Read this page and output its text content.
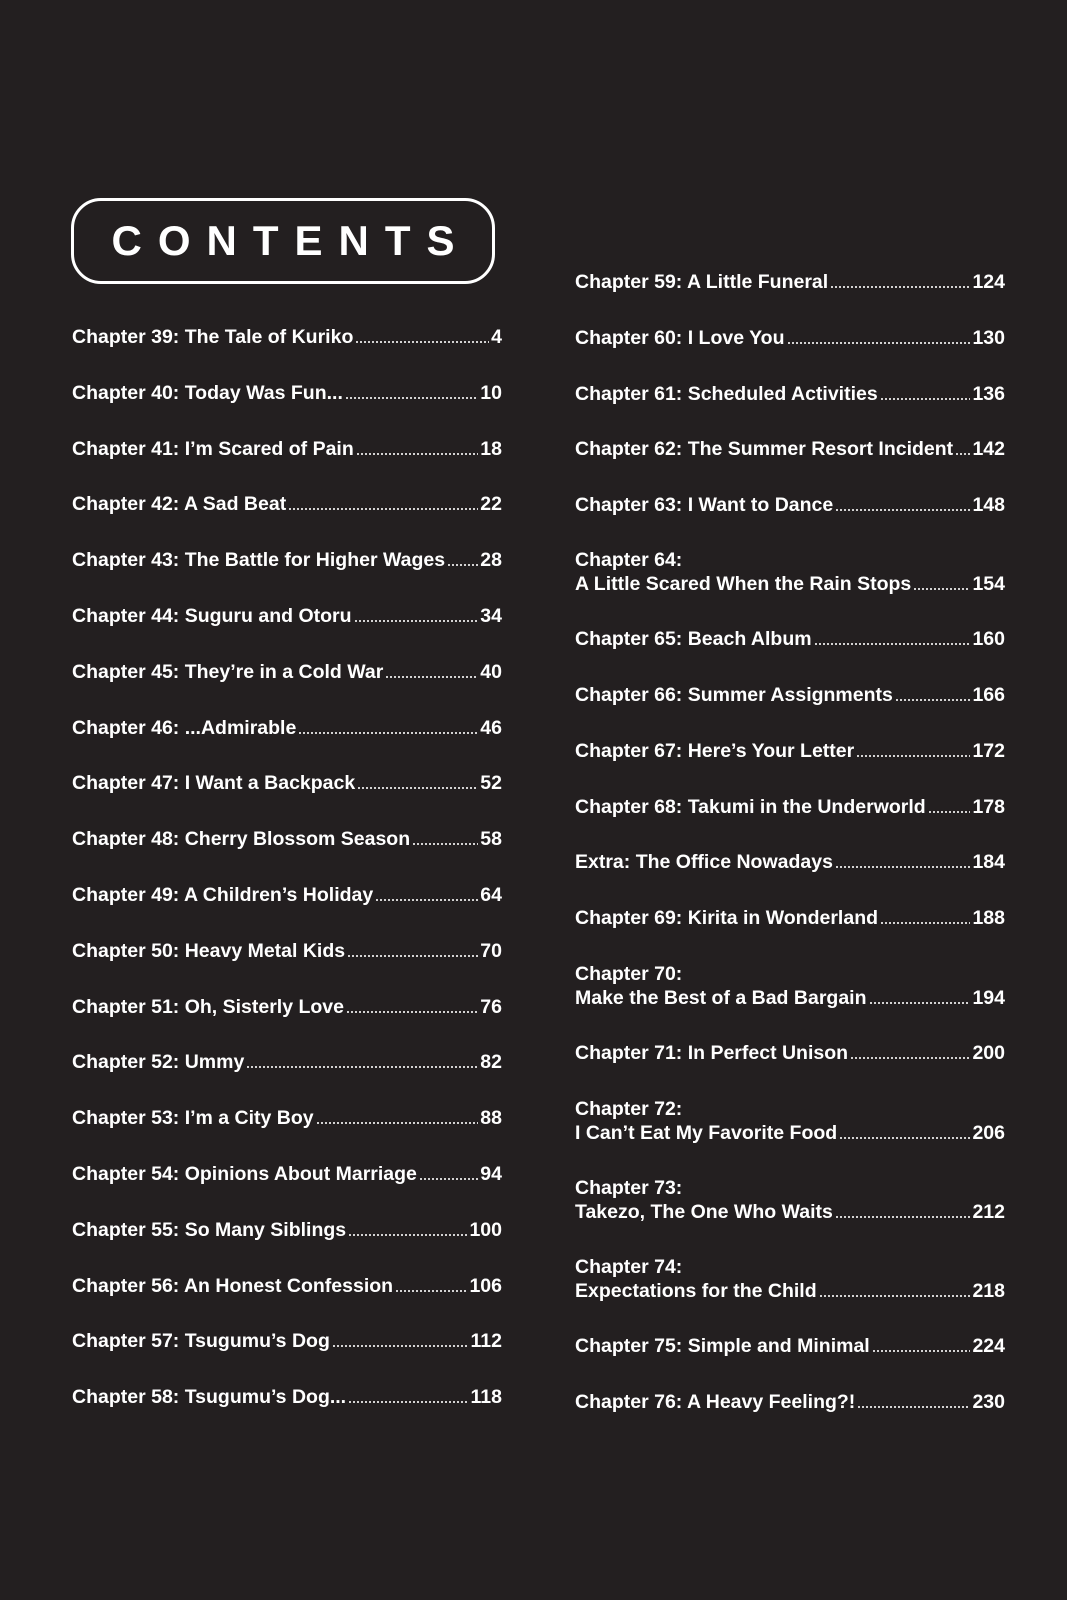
CONTENTS
Chapter 39: The Tale of Kuriko	4
Chapter 40: Today Was Fun...	10
Chapter 41: I’m Scared of Pain	18
Chapter 42: A Sad Beat	22
Chapter 43: The Battle for Higher Wages 28
Chapter 44: Suguru and Otoru	34
Chapter 45: They’re in a Cold War	40
Chapter 46: ...Admirable	46
Chapter 47: I Want a Backpack	52
Chapter 48: Cherry Blossom Season	58
Chapter 49: A Children’s Holiday	64
Chapter 50: Heavy Metal Kids	70
Chapter 51: Oh, Sisterly Love	76
Chapter 52: Ummy	82
Chapter 53: I’m a City Boy	88
Chapter 54: Opinions About Marriage	94
Chapter 55: So Many Siblings	100
Chapter 56: An Honest Confession	106
Chapter 57: Tsugumu’s Dog	112
Chapter 58: Tsugumu’s Dog...	118
Chapter 59: A Little Funeral	124
Chapter 60: I Love You	130
Chapter 61: Scheduled Activities	136
Chapter 62: The Summer Resort Incident 142
Chapter 63: I Want to Dance	148
Chapter 64:
A Little Scared When the Rain Stops	154
Chapter 65: Beach Album	160
Chapter 66: Summer Assignments	166
Chapter 67: Here’s Your Letter	172
Chapter 68: Takumi in the Underworld 178
Extra: The Office Nowadays	184
Chapter 69: Kirita in Wonderland	188
Chapter 70:
Make the Best of a Bad Bargain	194
Chapter 71: In Perfect Unison	200
Chapter 72:
I Can’t Eat My Favorite Food	206
Chapter 73:
Takezo, The One Who Waits	212
Chapter 74:
Expectations for the Child	218
Chapter 75: Simple and Minimal	224
Chapter 76: A Heavy Feeling?!	230
